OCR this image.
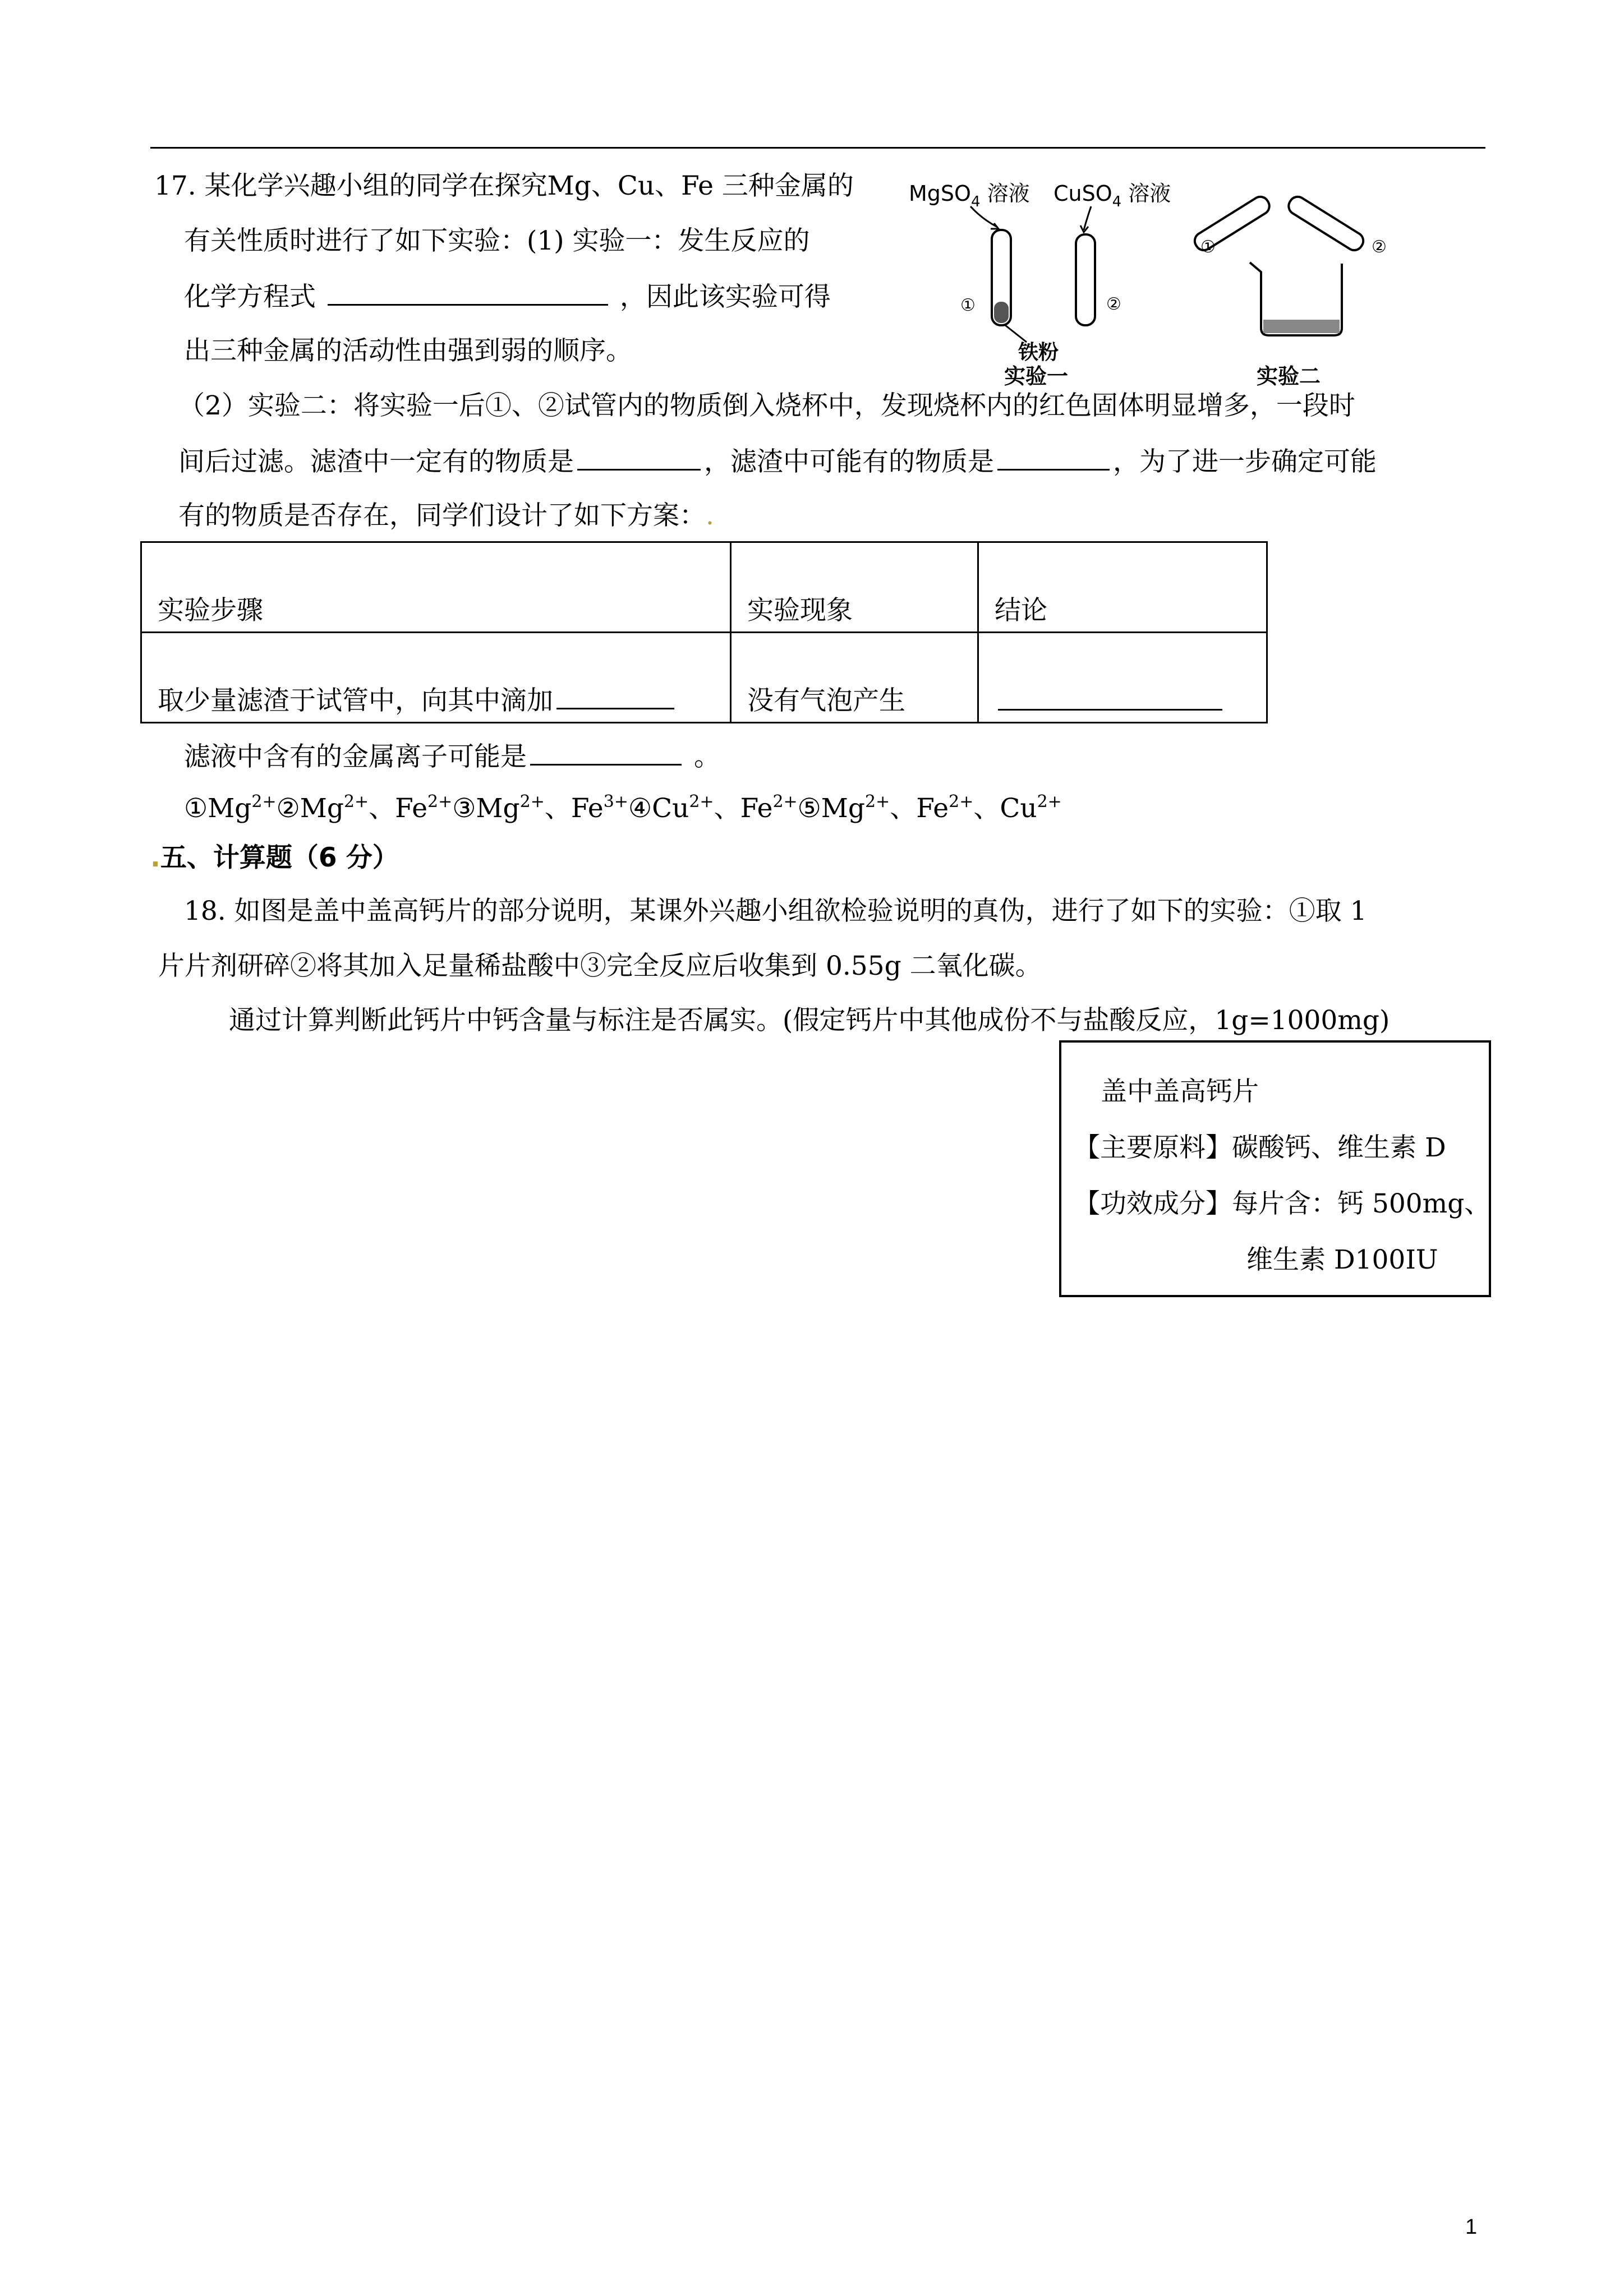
17. 某化学兴趣小组的同学在探究Mg、Cu、Fe 三种金属的
有关性质时进行了如下实验：(1) 实验一：发生反应的
化学方程式	，因此该实验可得
出三种金属的活动性由强到弱的顺序。
MgSO$_4$ 溶液 CuSO$_4$ 溶液
①	②
铁粉
实验一
①	②
实验二
（2）实验二：将实验一后①、②试管内的物质倒入烧杯中，发现烧杯内的红色固体明显增多，一段时
间后过滤。滤渣中一定有的物质是	，滤渣中可能有的物质是	，为了进一步确定可能
有的物质是否存在，同学们设计了如下方案：.
实验步骤	实验现象	结论
取少量滤渣于试管中，向其中滴加	没有气泡产生	
滤液中含有的金属离子可能是	。
$①Mg^{2+}②Mg^{2+}$、$Fe^{2+}③Mg^{2+}$、$Fe^{3+}④Cu^{2+}$、$Fe^{2+}⑤Mg^{2+}$、$Fe^{2+}$、$Cu^{2+}$
.五、计算题（6 分）
18. 如图是盖中盖高钙片的部分说明，某课外兴趣小组欲检验说明的真伪，进行了如下的实验：①取 1
片片剂研碎②将其加入足量稀盐酸中③完全反应后收集到 0.55g 二氧化碳。
通过计算判断此钙片中钙含量与标注是否属实。(假定钙片中其他成份不与盐酸反应，1g=1000mg)
盖中盖高钙片
【主要原料】碳酸钙、维生素 D
【功效成分】每片含：钙 500mg、
维生素 D100IU
1
